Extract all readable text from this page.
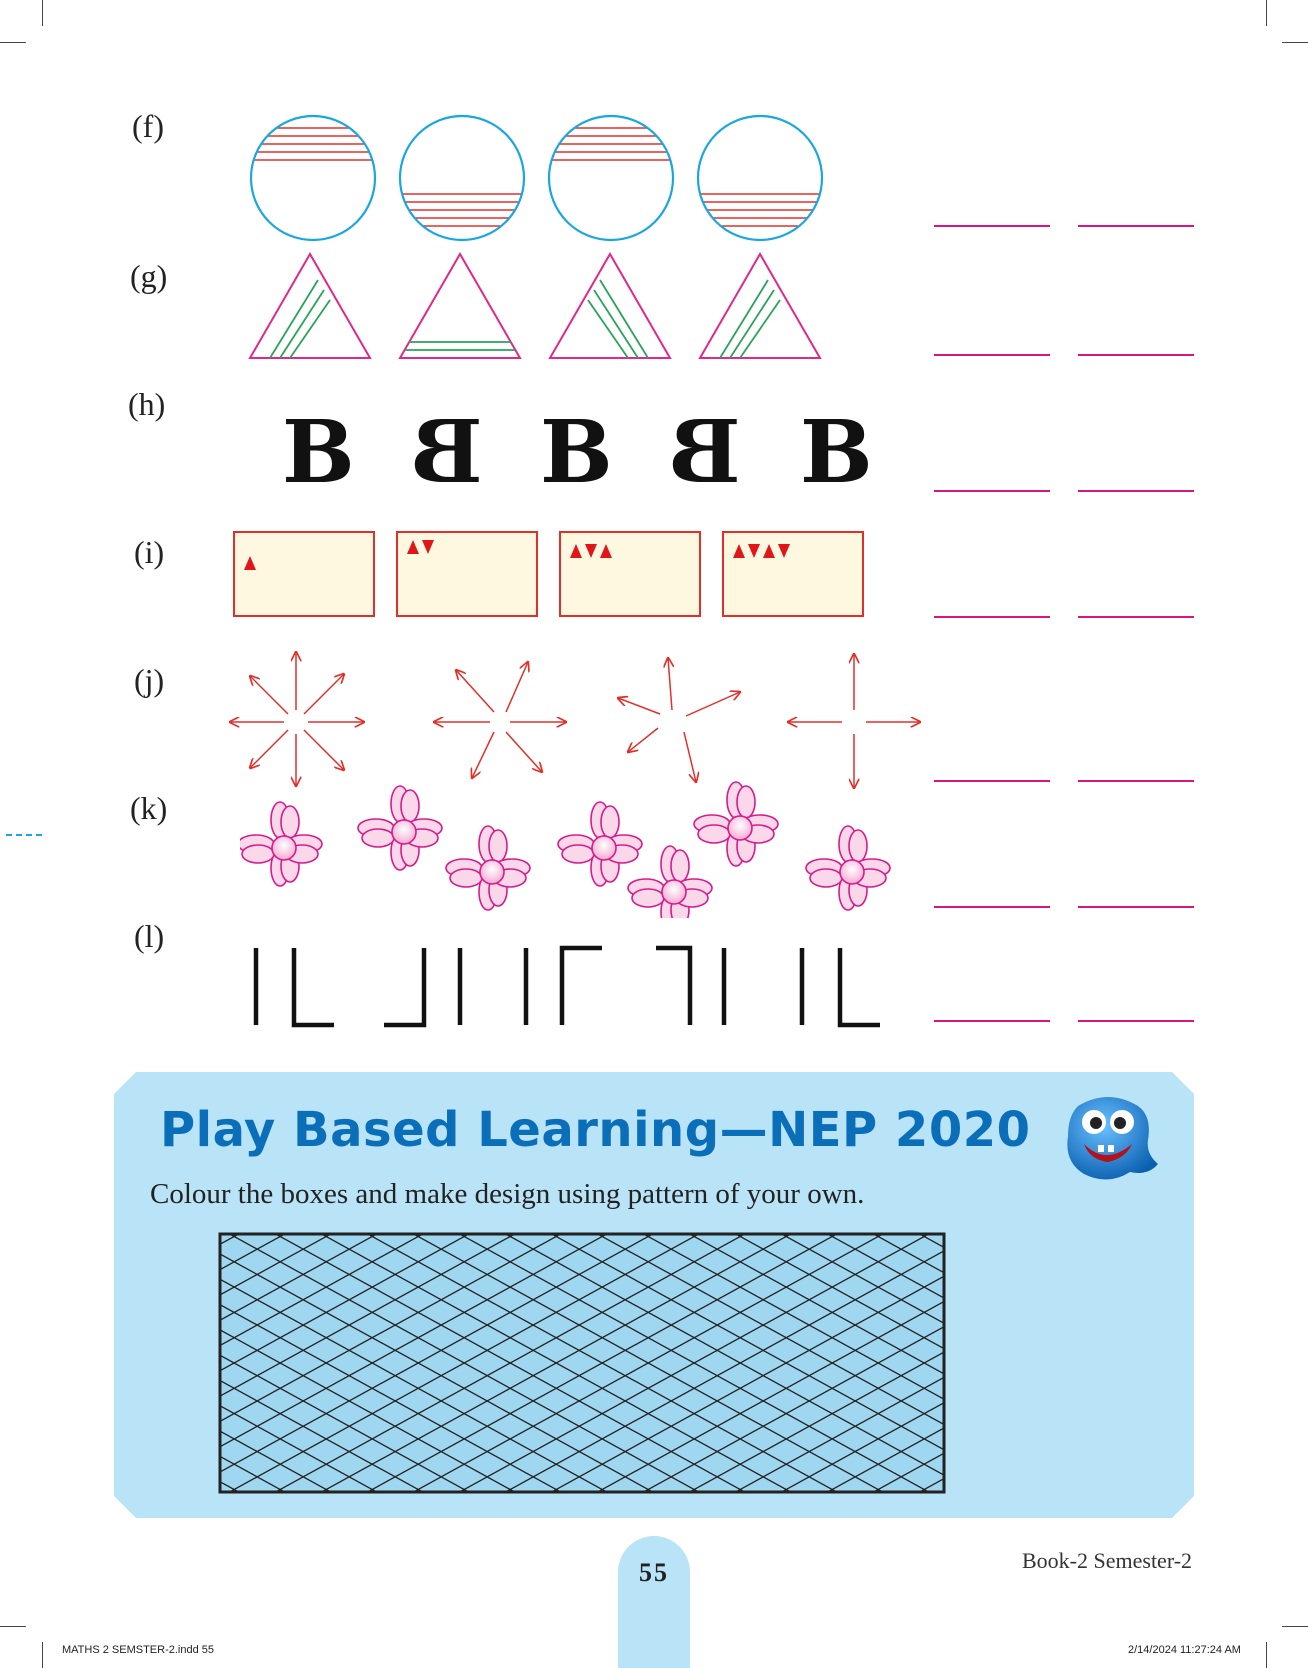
(f)
(g)
(h)
(i)
(j)
(k)
(l)
B B B B B
Play Based Learning—NEP 2020
Colour the boxes and make design using pattern of your own.
55	Book-2 Semester-2
MATHS 2 SEMSTER-2.indd 55	2/14/2024 11:27:24 AM
